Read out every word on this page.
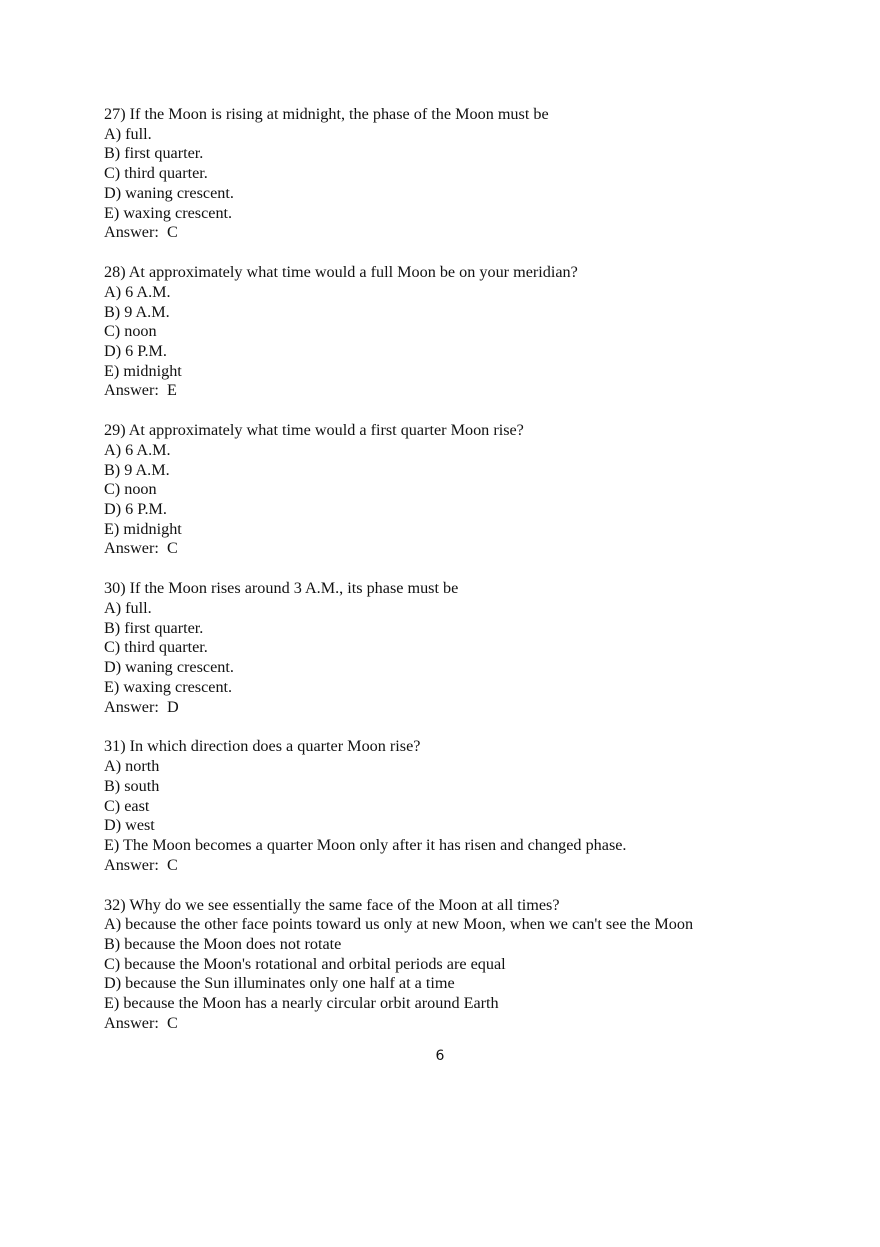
27) If the Moon is rising at midnight, the phase of the Moon must be
A) full.
B) first quarter.
C) third quarter.
D) waning crescent.
E) waxing crescent.
Answer:  C
28) At approximately what time would a full Moon be on your meridian?
A) 6 A.M.
B) 9 A.M.
C) noon
D) 6 P.M.
E) midnight
Answer:  E
29) At approximately what time would a first quarter Moon rise?
A) 6 A.M.
B) 9 A.M.
C) noon
D) 6 P.M.
E) midnight
Answer:  C
30) If the Moon rises around 3 A.M., its phase must be
A) full.
B) first quarter.
C) third quarter.
D) waning crescent.
E) waxing crescent.
Answer:  D
31) In which direction does a quarter Moon rise?
A) north
B) south
C) east
D) west
E) The Moon becomes a quarter Moon only after it has risen and changed phase.
Answer:  C
32) Why do we see essentially the same face of the Moon at all times?
A) because the other face points toward us only at new Moon, when we can't see the Moon
B) because the Moon does not rotate
C) because the Moon's rotational and orbital periods are equal
D) because the Sun illuminates only one half at a time
E) because the Moon has a nearly circular orbit around Earth
Answer:  C
6
